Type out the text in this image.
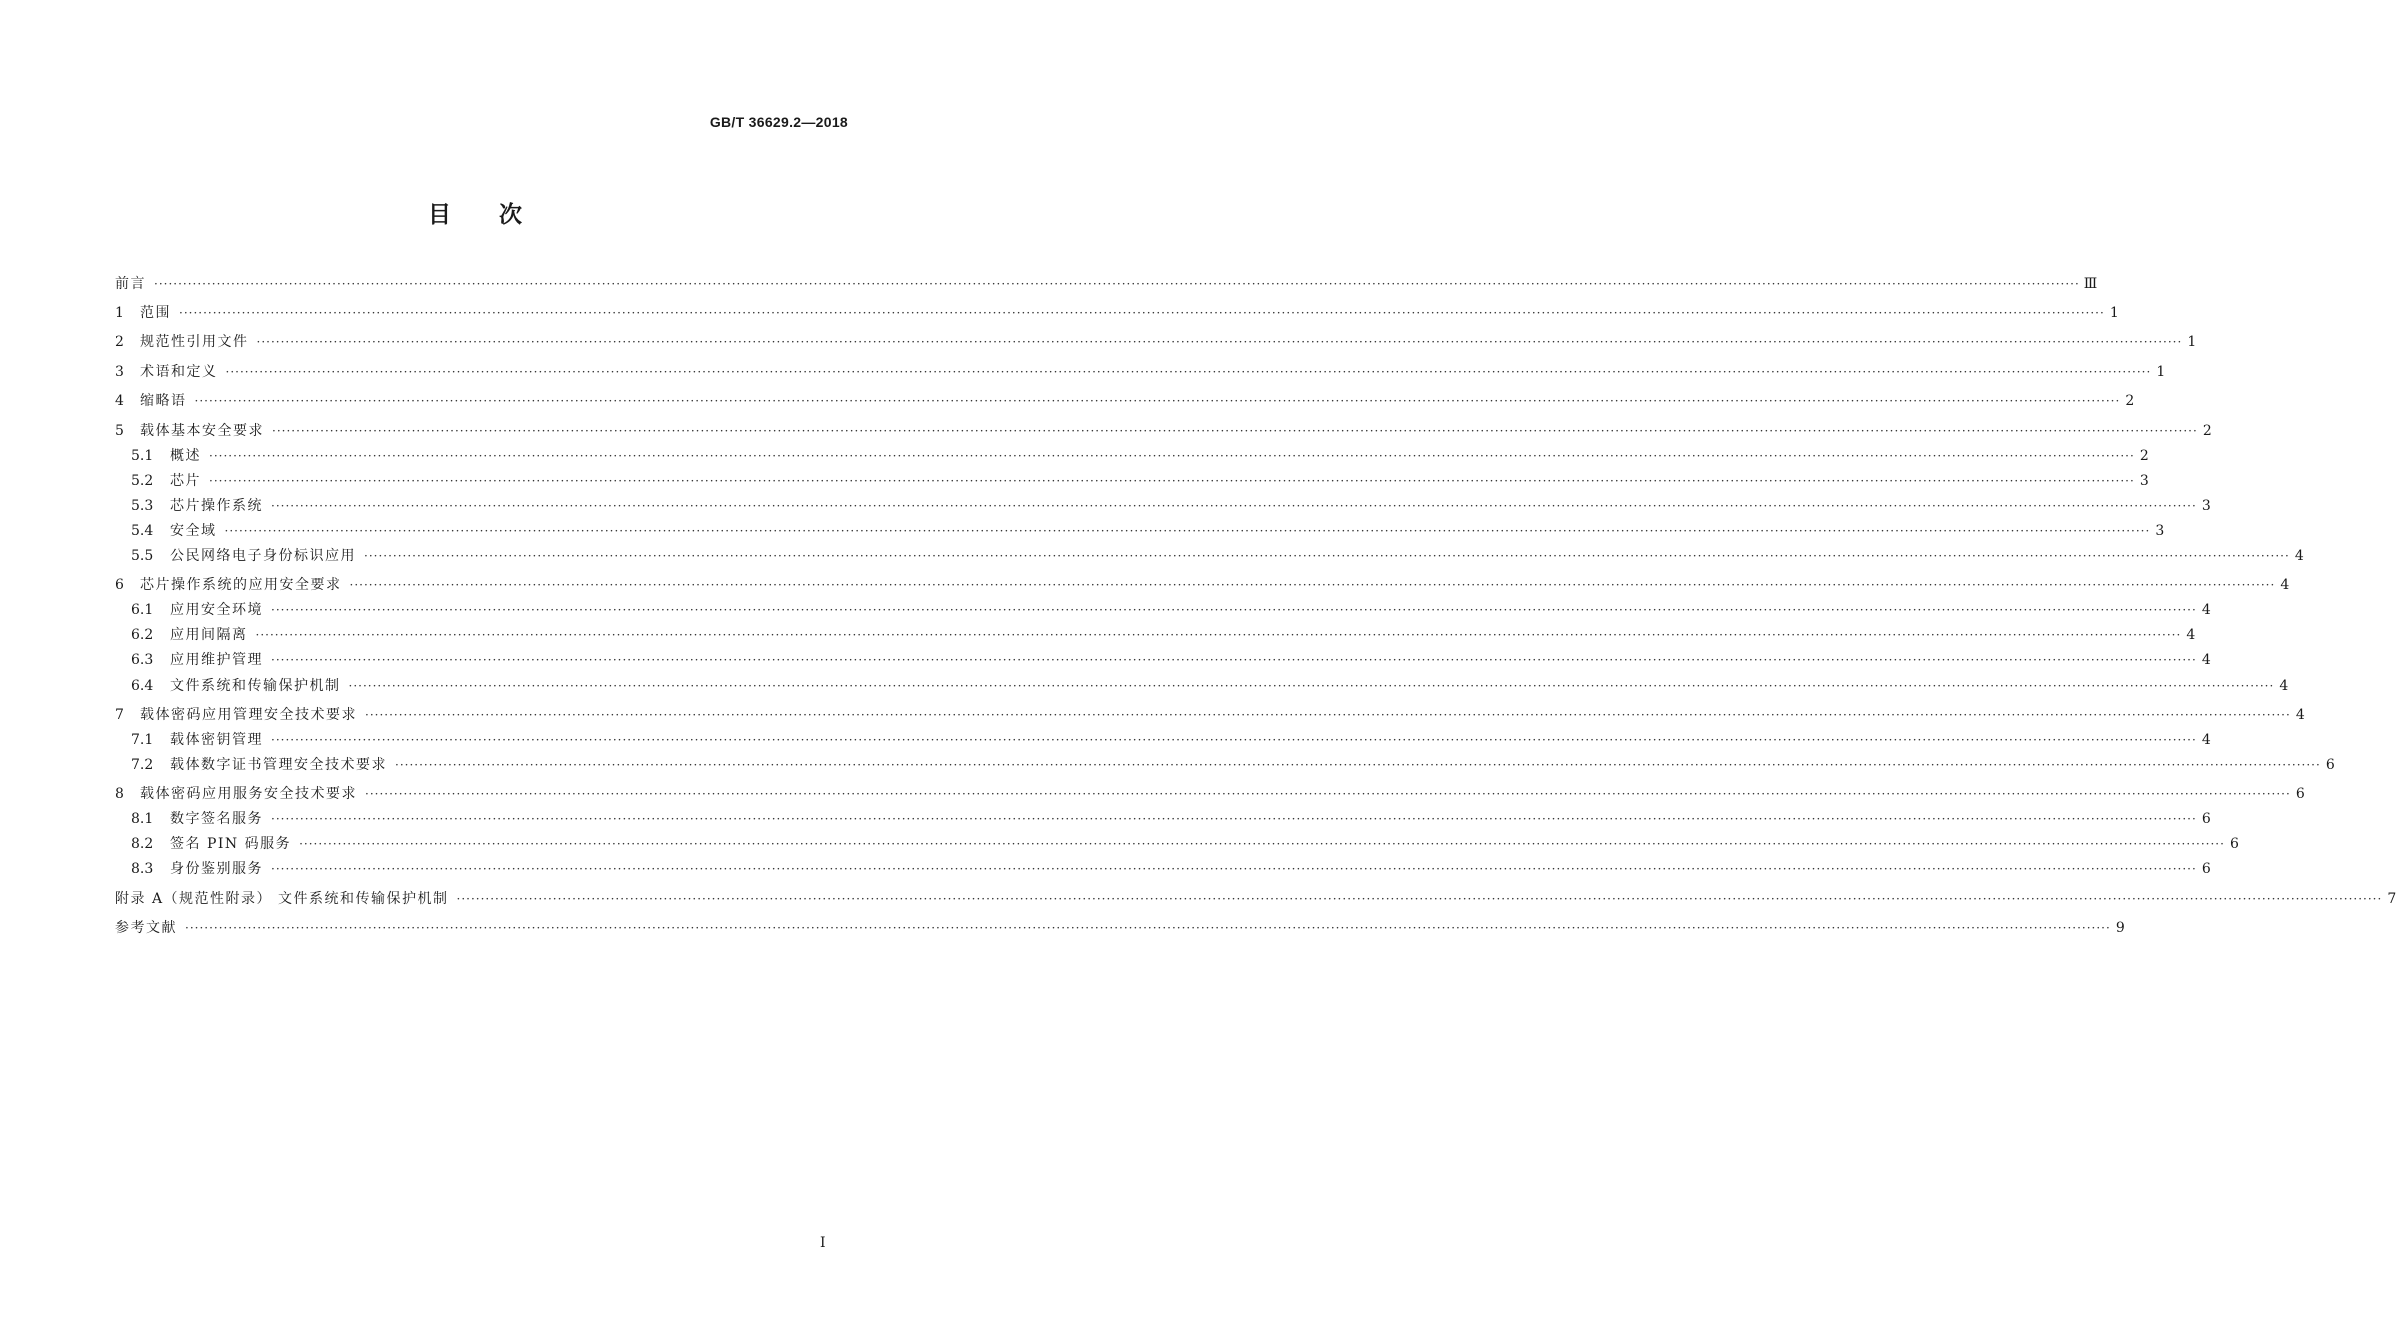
GB/T 36629.2—2018
目次
前言 ················································································································································································································································································································································································································ Ⅲ
1	范围 ················································································································································································································································································································································································································ 1
2	规范性引用文件 ················································································································································································································································································································································································································ 1
3	术语和定义 ················································································································································································································································································································································································································ 1
4	缩略语 ················································································································································································································································································································································································································ 2
5	载体基本安全要求 ················································································································································································································································································································································································································ 2
5.1	概述 ················································································································································································································································································································································································································ 2
5.2	芯片 ················································································································································································································································································································································································································ 3
5.3	芯片操作系统 ················································································································································································································································································································································································································ 3
5.4	安全域 ················································································································································································································································································································································································································ 3
5.5	公民网络电子身份标识应用 ················································································································································································································································································································································································································ 4
6	芯片操作系统的应用安全要求 ················································································································································································································································································································································································································ 4
6.1	应用安全环境 ················································································································································································································································································································································································································ 4
6.2	应用间隔离 ················································································································································································································································································································································································································ 4
6.3	应用维护管理 ················································································································································································································································································································································································································ 4
6.4	文件系统和传输保护机制 ················································································································································································································································································································································································································ 4
7	载体密码应用管理安全技术要求 ················································································································································································································································································································································································································ 4
7.1	载体密钥管理 ················································································································································································································································································································································································································ 4
7.2	载体数字证书管理安全技术要求 ················································································································································································································································································································································································································ 6
8	载体密码应用服务安全技术要求 ················································································································································································································································································································································································································ 6
8.1	数字签名服务 ················································································································································································································································································································································································································ 6
8.2	签名 PIN 码服务 ················································································································································································································································································································································································································ 6
8.3	身份鉴别服务 ················································································································································································································································································································································································································ 6
附录 A（规范性附录） 文件系统和传输保护机制 ················································································································································································································································································································································································································ 7
参考文献 ················································································································································································································································································································································································································ 9
I
